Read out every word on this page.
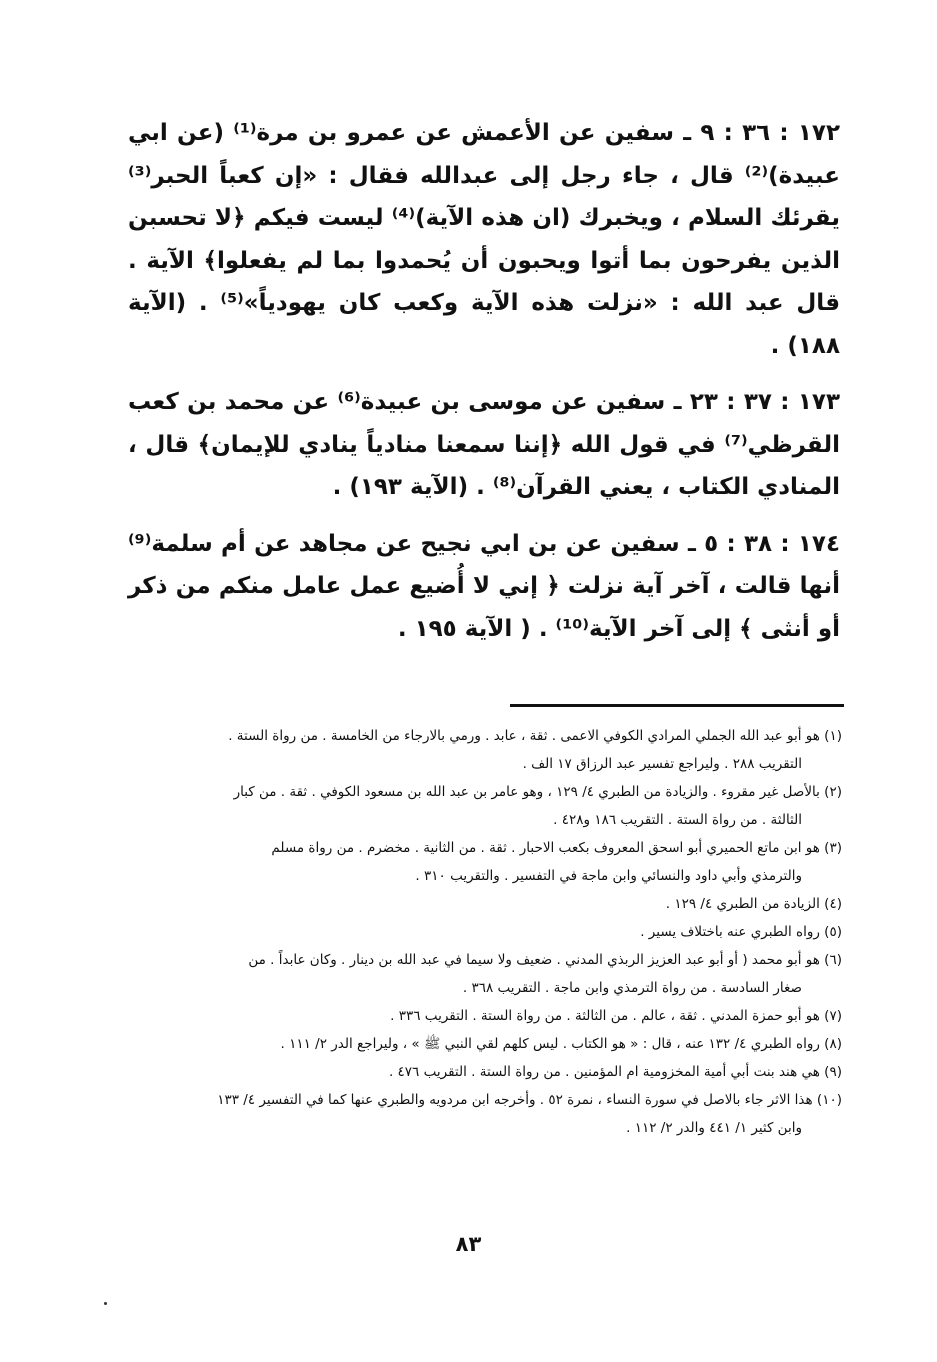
١٧٢ : ٣٦ : ٩ ـ سفين عن الأعمش عن عمرو بن مرة⁽¹⁾ (عن ابي عبيدة)⁽²⁾ قال ، جاء رجل إلى عبدالله فقال : «إن كعباً الحبر⁽³⁾ يقرئك السلام ، ويخبرك (ان هذه الآية)⁽⁴⁾ ليست فيكم ﴿لا تحسبن الذين يفرحون بما أتوا ويحبون أن يُحمدوا بما لم يفعلوا﴾ الآية . قال عبد الله : «نزلت هذه الآية وكعب كان يهودياً»⁽⁵⁾ . (الآية ١٨٨) .

١٧٣ : ٣٧ : ٢٣ ـ سفين عن موسى بن عبيدة⁽⁶⁾ عن محمد بن كعب القرظي⁽⁷⁾ في قول الله ﴿إننا سمعنا منادياً ينادي للإيمان﴾ قال ، المنادي الكتاب ، يعني القرآن⁽⁸⁾ . (الآية ١٩٣) .

١٧٤ : ٣٨ : ٥ ـ سفين عن بن ابي نجيح عن مجاهد عن أم سلمة⁽⁹⁾ أنها قالت ، آخر آية نزلت ﴿ إني لا أُضيع عمل عامل منكم من ذكر أو أنثى ﴾ إلى آخر الآية⁽¹⁰⁾ . ( الآية ١٩٥ .

(١) هو أبو عبد الله الجملي المرادي الكوفي الاعمى . ثقة ، عابد . ورمي بالارجاء من الخامسة . من رواة الستة .
التقريب ٢٨٨ . وليراجع تفسير عبد الرزاق ١٧ الف .
(٢) بالأصل غير مقروء . والزيادة من الطبري ٤/ ١٢٩ ، وهو عامر بن عبد الله بن مسعود الكوفي . ثقة . من كبار
الثالثة . من رواة الستة . التقريب ١٨٦ و٤٢٨ .
(٣) هو ابن ماتع الحميري أبو اسحق المعروف بكعب الاحبار . ثقة . من الثانية . مخضرم . من رواة مسلم
والترمذي وأبي داود والنسائي وابن ماجة في التفسير . والتقريب ٣١٠ .
(٤) الزيادة من الطبري ٤/ ١٢٩ .
(٥) رواه الطبري عنه باختلاف يسير .
(٦) هو أبو محمد ( أو أبو عبد العزيز الربذي المدني . ضعيف ولا سيما في عبد الله بن دينار . وكان عابداً . من
صغار السادسة . من رواة الترمذي وابن ماجة . التقريب ٣٦٨ .
(٧) هو أبو حمزة المدني . ثقة ، عالم . من الثالثة . من رواة الستة . التقريب ٣٣٦ .
(٨) رواه الطبري ٤/ ١٣٢ عنه ، قال : « هو الكتاب . ليس كلهم لقي النبي ﷺ » ، وليراجع الدر ٢/ ١١١ .
(٩) هي هند بنت أبي أمية المخزومية ام المؤمنين . من رواة الستة . التقريب ٤٧٦ .
(١٠) هذا الاثر جاء بالاصل في سورة النساء ، نمرة ٥٢ . وأخرجه ابن مردويه والطبري عنها كما في التفسير ٤/ ١٣٣
وابن كثير ١/ ٤٤١ والدر ٢/ ١١٢ .
٨٣
